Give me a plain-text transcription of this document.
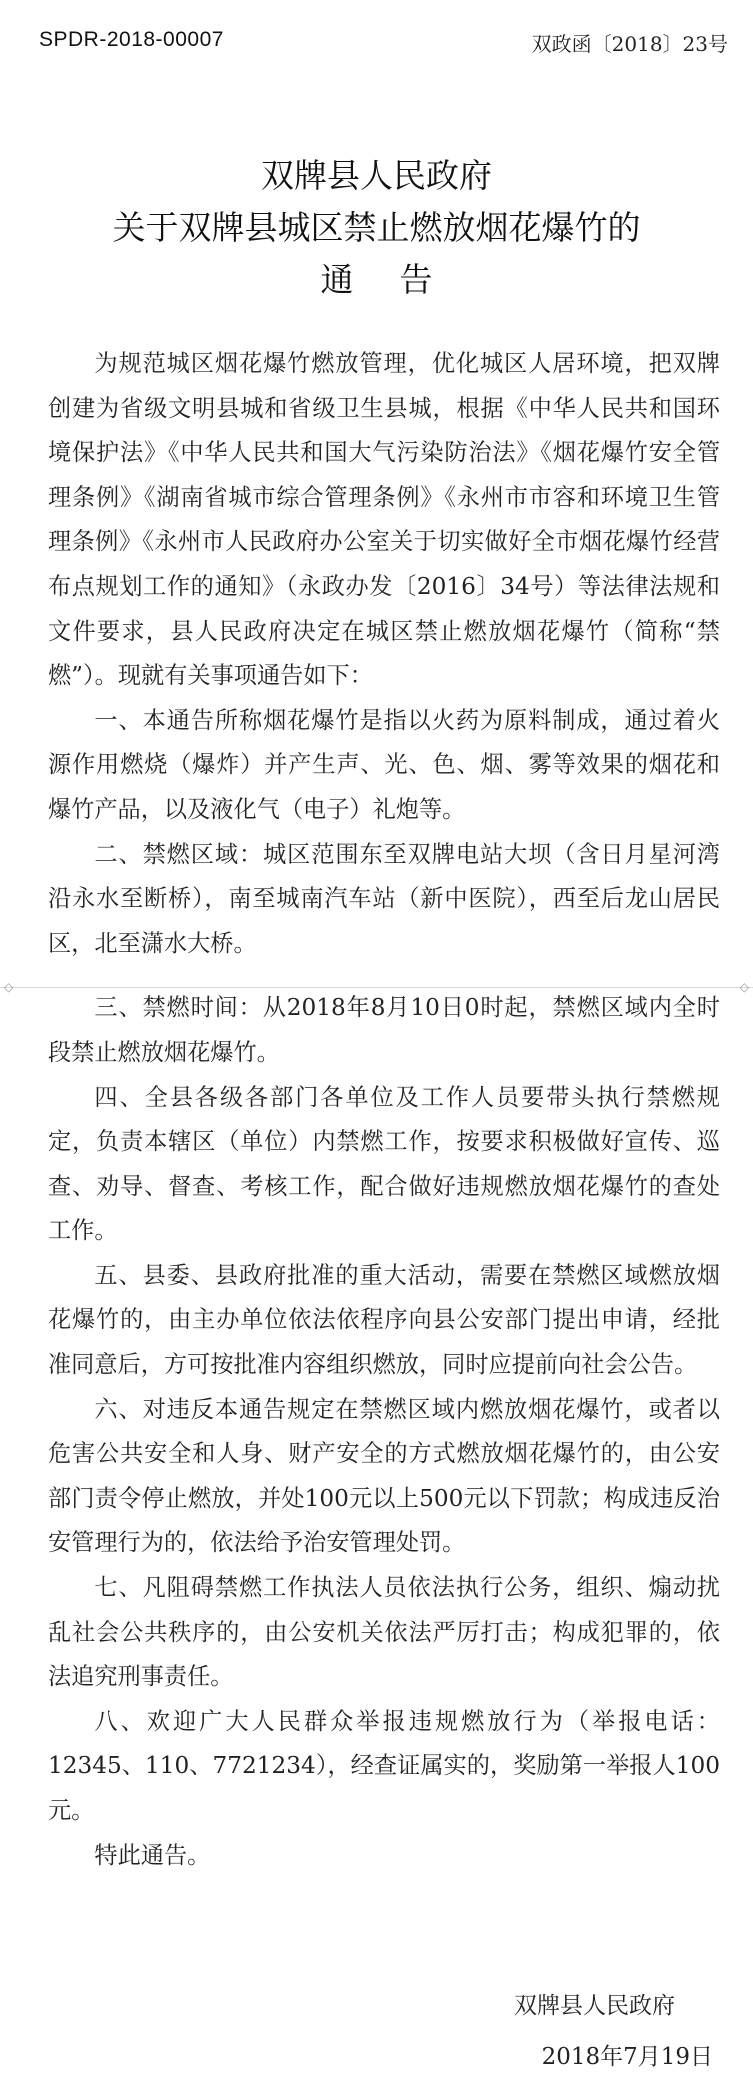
SPDR-2018-00007	双政函〔2018〕23号
双牌县人民政府
关于双牌县城区禁止燃放烟花爆竹的
通告

为规范城区烟花爆竹燃放管理，优化城区人居环境，把双牌创建为省级文明县城和省级卫生县城，根据《中华人民共和国环境保护法》《中华人民共和国大气污染防治法》《烟花爆竹安全管理条例》《湖南省城市综合管理条例》《永州市市容和环境卫生管理条例》《永州市人民政府办公室关于切实做好全市烟花爆竹经营布点规划工作的通知》（永政办发〔2016〕34号）等法律法规和文件要求，县人民政府决定在城区禁止燃放烟花爆竹（简称“禁燃”）。现就有关事项通告如下：

一、本通告所称烟花爆竹是指以火药为原料制成，通过着火源作用燃烧（爆炸）并产生声、光、色、烟、雾等效果的烟花和爆竹产品，以及液化气（电子）礼炮等。

二、禁燃区域：城区范围东至双牌电站大坝（含日月星河湾沿永水至断桥），南至城南汽车站（新中医院），西至后龙山居民区，北至潇水大桥。

三、禁燃时间：从2018年8月10日0时起，禁燃区域内全时段禁止燃放烟花爆竹。

四、全县各级各部门各单位及工作人员要带头执行禁燃规定，负责本辖区（单位）内禁燃工作，按要求积极做好宣传、巡查、劝导、督查、考核工作，配合做好违规燃放烟花爆竹的查处工作。

五、县委、县政府批准的重大活动，需要在禁燃区域燃放烟花爆竹的，由主办单位依法依程序向县公安部门提出申请，经批准同意后，方可按批准内容组织燃放，同时应提前向社会公告。

六、对违反本通告规定在禁燃区域内燃放烟花爆竹，或者以危害公共安全和人身、财产安全的方式燃放烟花爆竹的，由公安部门责令停止燃放，并处100元以上500元以下罚款；构成违反治安管理行为的，依法给予治安管理处罚。

七、凡阻碍禁燃工作执法人员依法执行公务，组织、煽动扰乱社会公共秩序的，由公安机关依法严厉打击；构成犯罪的，依法追究刑事责任。

八、欢迎广大人民群众举报违规燃放行为（举报电话：12345、110、7721234），经查证属实的，奖励第一举报人100元。

特此通告。

◇	◇
双牌县人民政府
2018年7月19日
